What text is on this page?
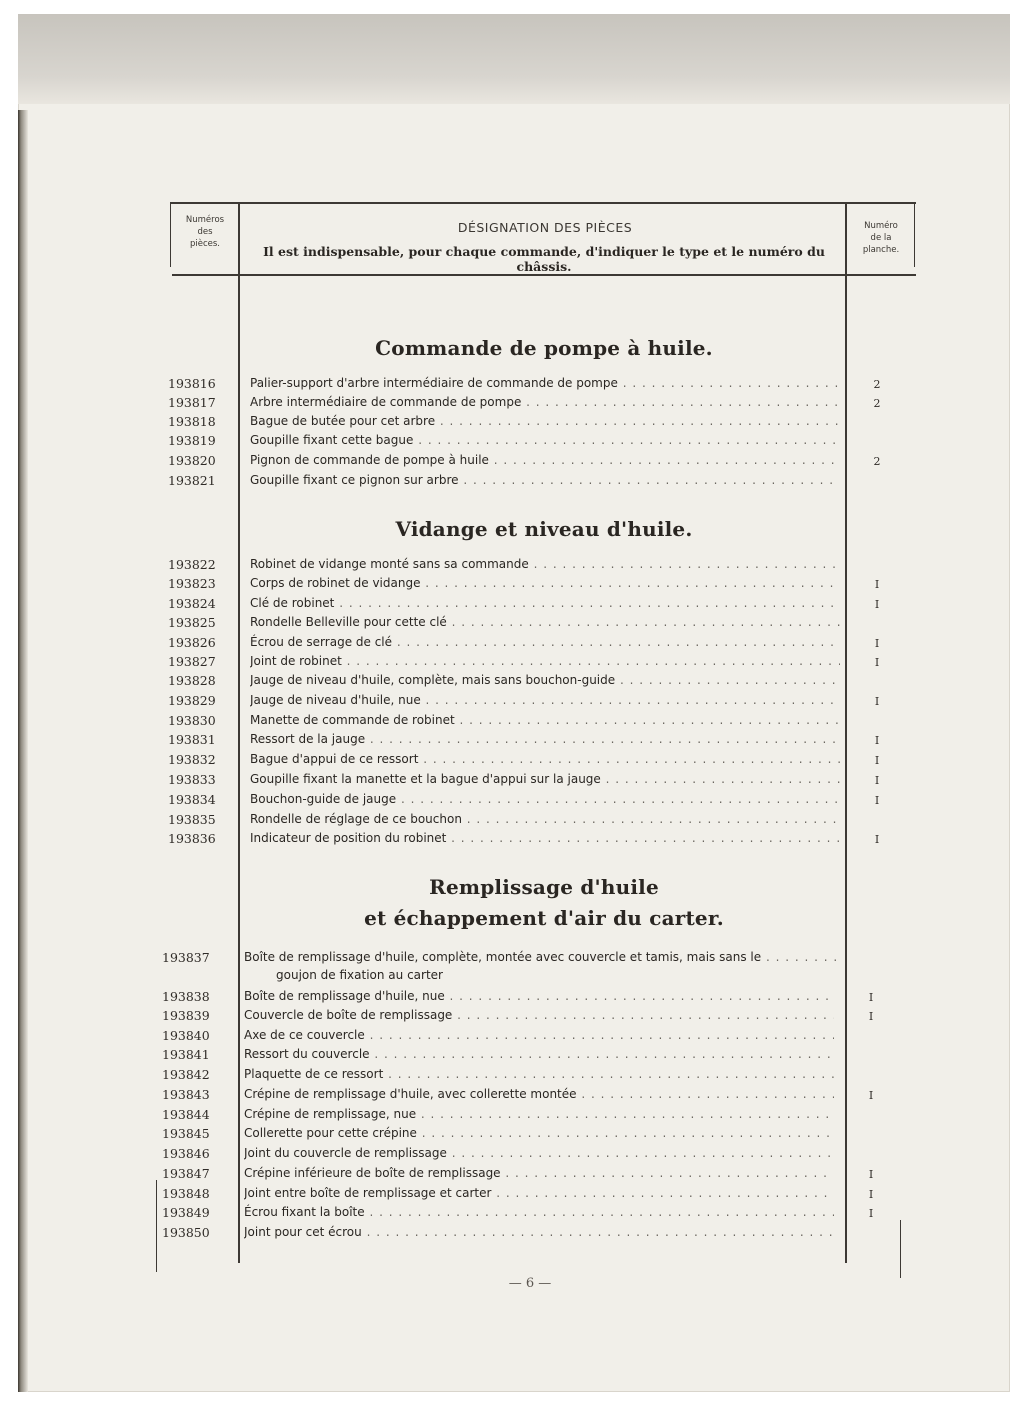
Numéros
des
pièces.
DÉSIGNATION DES PIÈCES
Il est indispensable, pour chaque commande, d'indiquer le type et le numéro du châssis.
Numéro
de la
planche.
Commande de pompe à huile.
193816	Palier-support d'arbre intermédiaire de commande de pompe . .	2
193817	Arbre intermédiaire de commande de pompe . .	2
193818	Bague de butée pour cet arbre . .
193819	Goupille fixant cette bague . .
193820	Pignon de commande de pompe à huile . .	2
193821	Goupille fixant ce pignon sur arbre . .
Vidange et niveau d'huile.
193822	Robinet de vidange monté sans sa commande . .
193823	Corps de robinet de vidange . .	I
193824	Clé de robinet . .	I
193825	Rondelle Belleville pour cette clé . .
193826	Écrou de serrage de clé . .	I
193827	Joint de robinet . .	I
193828	Jauge de niveau d'huile, complète, mais sans bouchon-guide . .
193829	Jauge de niveau d'huile, nue . .	I
193830	Manette de commande de robinet . .
193831	Ressort de la jauge . .	I
193832	Bague d'appui de ce ressort . .	I
193833	Goupille fixant la manette et la bague d'appui sur la jauge . .	I
193834	Bouchon-guide de jauge . .	I
193835	Rondelle de réglage de ce bouchon . .
193836	Indicateur de position du robinet . .	I
Remplissage d'huile
et échappement d'air du carter.
193837	Boîte de remplissage d'huile, complète, montée avec couvercle et tamis, mais sans le . .
goujon de fixation au carter
193838	Boîte de remplissage d'huile, nue . .	I
193839	Couvercle de boîte de remplissage . .	I
193840	Axe de ce couvercle . .
193841	Ressort du couvercle . .
193842	Plaquette de ce ressort . .
193843	Crépine de remplissage d'huile, avec collerette montée . .	I
193844	Crépine de remplissage, nue . .
193845	Collerette pour cette crépine . .
193846	Joint du couvercle de remplissage . .
193847	Crépine inférieure de boîte de remplissage . .	I
193848	Joint entre boîte de remplissage et carter . .	I
193849	Écrou fixant la boîte . .	I
193850	Joint pour cet écrou . .
— 6 —
